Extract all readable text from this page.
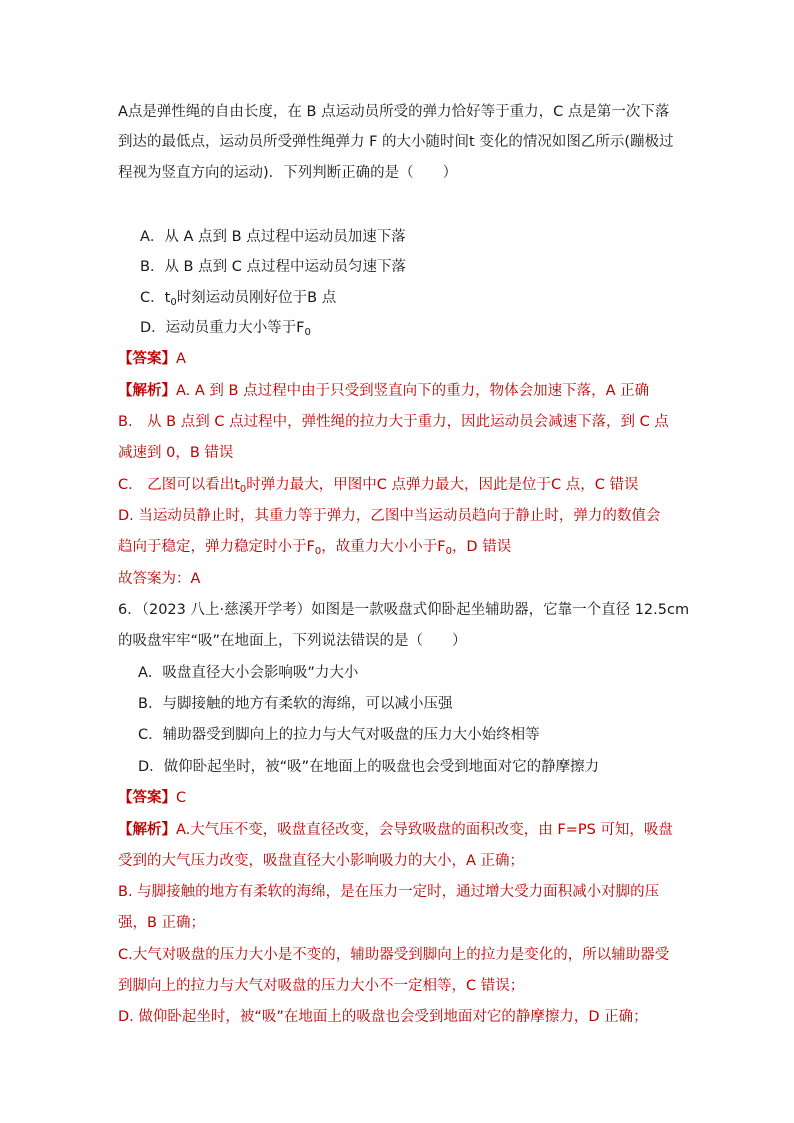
A点是弹性绳的自由长度，在 B 点运动员所受的弹力恰好等于重力，C 点是第一次下落
到达的最低点，运动员所受弹性绳弹力 F 的大小随时间t 变化的情况如图乙所示(蹦极过
程视为竖直方向的运动)．下列判断正确的是（　　）
A．从 A 点到 B 点过程中运动员加速下落
B．从 B 点到 C 点过程中运动员匀速下落
C．$t_0$时刻运动员刚好位于B 点
D．运动员重力大小等于$F_0$
【答案】A
【解析】A. A 到 B 点过程中由于只受到竖直向下的重力，物体会加速下落，A 正确
B.　从 B 点到 C 点过程中，弹性绳的拉力大于重力，因此运动员会减速下落，到 C 点
减速到 0，B 错误
C.　乙图可以看出$t_0$时弹力最大，甲图中C 点弹力最大，因此是位于C 点，C 错误
D. 当运动员静止时，其重力等于弹力，乙图中当运动员趋向于静止时，弹力的数值会
趋向于稳定，弹力稳定时小于$F_0$，故重力大小小于$F_0$，D 错误
故答案为：A
6．（2023 八上·慈溪开学考）如图是一款吸盘式仰卧起坐辅助器，它靠一个直径 12.5cm
的吸盘牢牢“吸”在地面上，下列说法错误的是（　　）
A．吸盘直径大小会影响吸”力大小
B．与脚接触的地方有柔软的海绵，可以减小压强
C．辅助器受到脚向上的拉力与大气对吸盘的压力大小始终相等
D．做仰卧起坐时，被“吸”在地面上的吸盘也会受到地面对它的静摩擦力
【答案】C
【解析】A.大气压不变，吸盘直径改变，会导致吸盘的面积改变，由 F=PS 可知，吸盘
受到的大气压力改变，吸盘直径大小影响吸力的大小，A 正确；
B. 与脚接触的地方有柔软的海绵，是在压力一定时，通过增大受力面积减小对脚的压
强，B 正确；
C.大气对吸盘的压力大小是不变的，辅助器受到脚向上的拉力是变化的，所以辅助器受
到脚向上的拉力与大气对吸盘的压力大小不一定相等，C 错误；
D. 做仰卧起坐时，被“吸”在地面上的吸盘也会受到地面对它的静摩擦力，D 正确；
